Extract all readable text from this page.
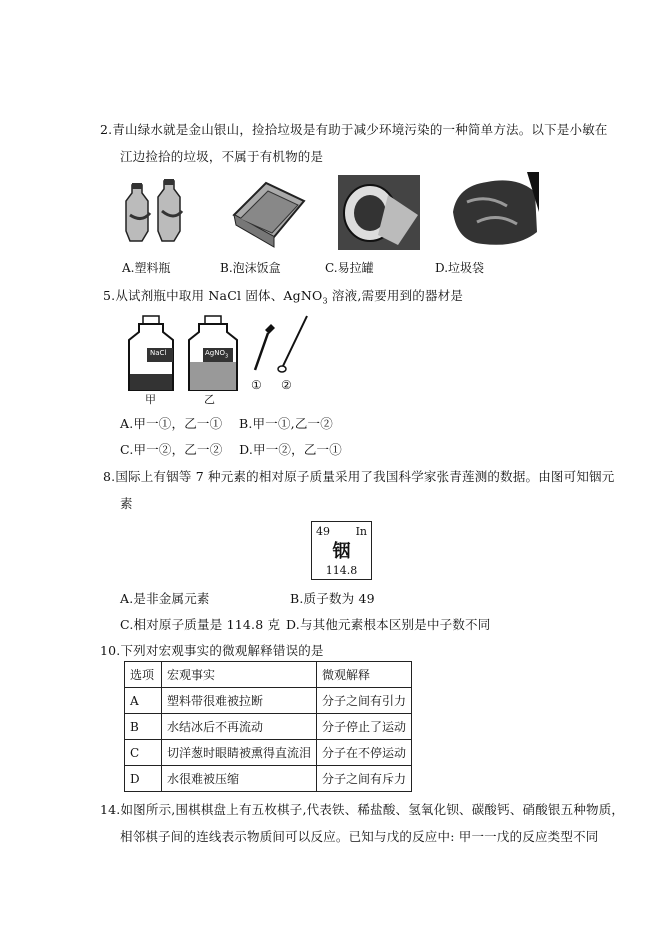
2.青山绿水就是金山银山，捡拾垃圾是有助于减少环境污染的一种简单方法。以下是小敏在
江边捡拾的垃圾，不属于有机物的是
A.塑料瓶	B.泡沫饭盒	C.易拉罐	D.垃圾袋
5.从试剂瓶中取用 NaCl 固体、AgNO$_3$ 溶液,需要用到的器材是
NaCl	AgNO$_3$
甲	乙
① ②
A.甲一①，乙一①    B.甲一①,乙一②
C.甲一②，乙一②    D.甲一②，乙一①
8.国际上有铟等 7 种元素的相对原子质量采用了我国科学家张青莲测的数据。由图可知铟元
素
49 In
铟
114.8
A.是非金属元素	B.质子数为 49
C.相对原子质量是 114.8 克 D.与其他元素根本区别是中子数不同
10.下列对宏观事实的微观解释错误的是
选项	宏观事实	微观解释
A	塑料带很难被拉断	分子之间有引力
B	水结冰后不再流动	分子停止了运动
C	切洋葱时眼睛被熏得直流泪	分子在不停运动
D	水很难被压缩	分子之间有斥力
14.如图所示,围棋棋盘上有五枚棋子,代表铁、稀盐酸、氢氧化钡、碳酸钙、硝酸银五种物质，
相邻棋子间的连线表示物质间可以反应。已知与戊的反应中: 甲一一戊的反应类型不同
